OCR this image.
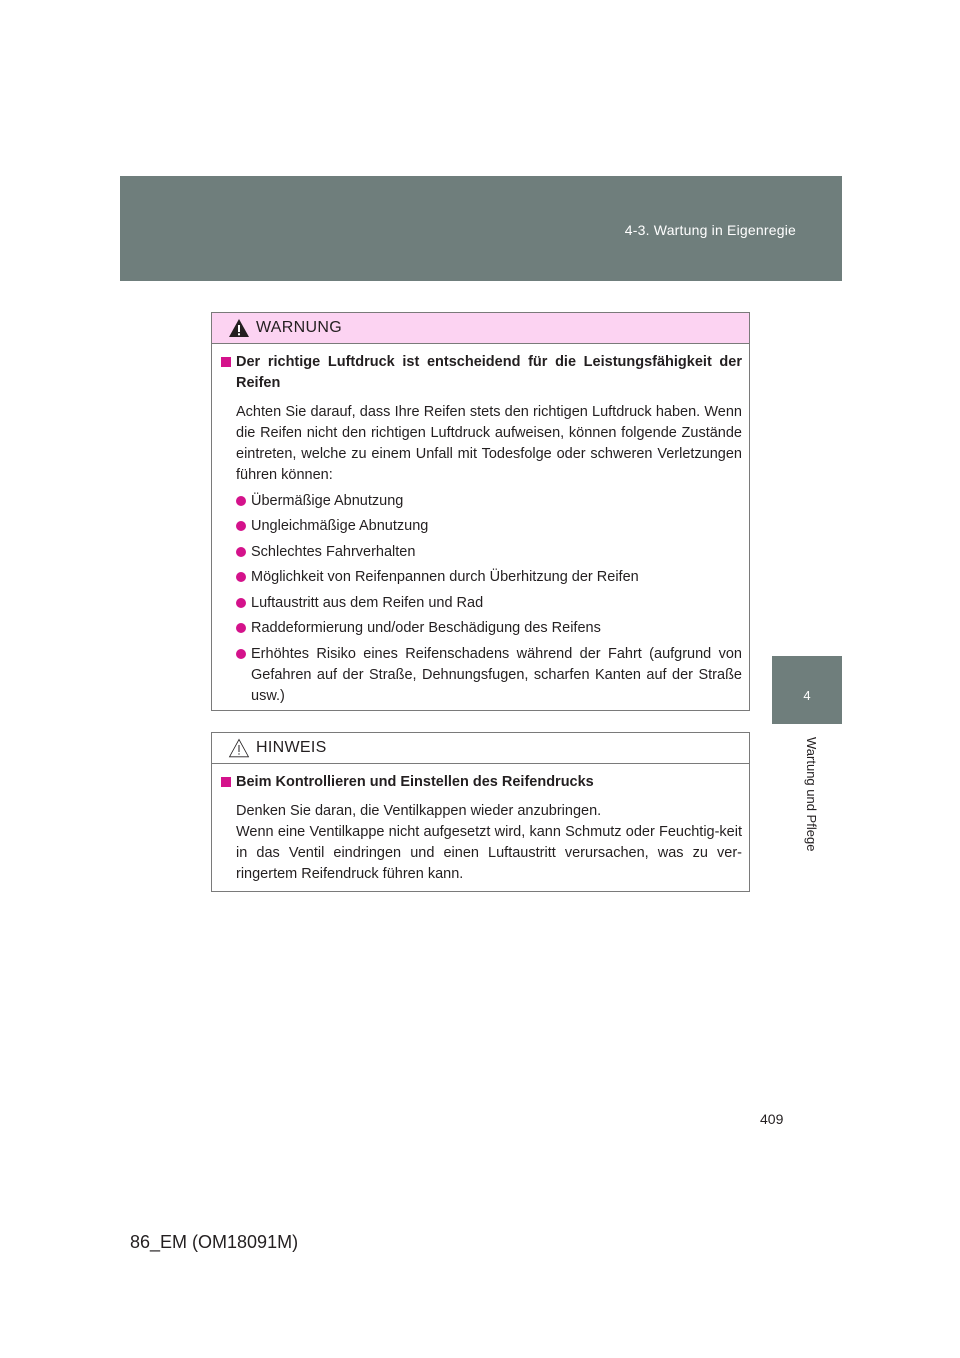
4-3. Wartung in Eigenregie
4
Wartung und Pflege
WARNUNG
Der richtige Luftdruck ist entscheidend für die Leistungsfähigkeit der Reifen
Achten Sie darauf, dass Ihre Reifen stets den richtigen Luftdruck haben. Wenn die Reifen nicht den richtigen Luftdruck aufweisen, können folgende Zustände eintreten, welche zu einem Unfall mit Todesfolge oder schweren Verletzungen führen können:
Übermäßige Abnutzung
Ungleichmäßige Abnutzung
Schlechtes Fahrverhalten
Möglichkeit von Reifenpannen durch Überhitzung der Reifen
Luftaustritt aus dem Reifen und Rad
Raddeformierung und/oder Beschädigung des Reifens
Erhöhtes Risiko eines Reifenschadens während der Fahrt (aufgrund von Gefahren auf der Straße, Dehnungsfugen, scharfen Kanten auf der Straße usw.)
HINWEIS
Beim Kontrollieren und Einstellen des Reifendrucks
Denken Sie daran, die Ventilkappen wieder anzubringen.
Wenn eine Ventilkappe nicht aufgesetzt wird, kann Schmutz oder Feuchtig-keit in das Ventil eindringen und einen Luftaustritt verursachen, was zu ver-ringertem Reifendruck führen kann.
409
86_EM (OM18091M)
